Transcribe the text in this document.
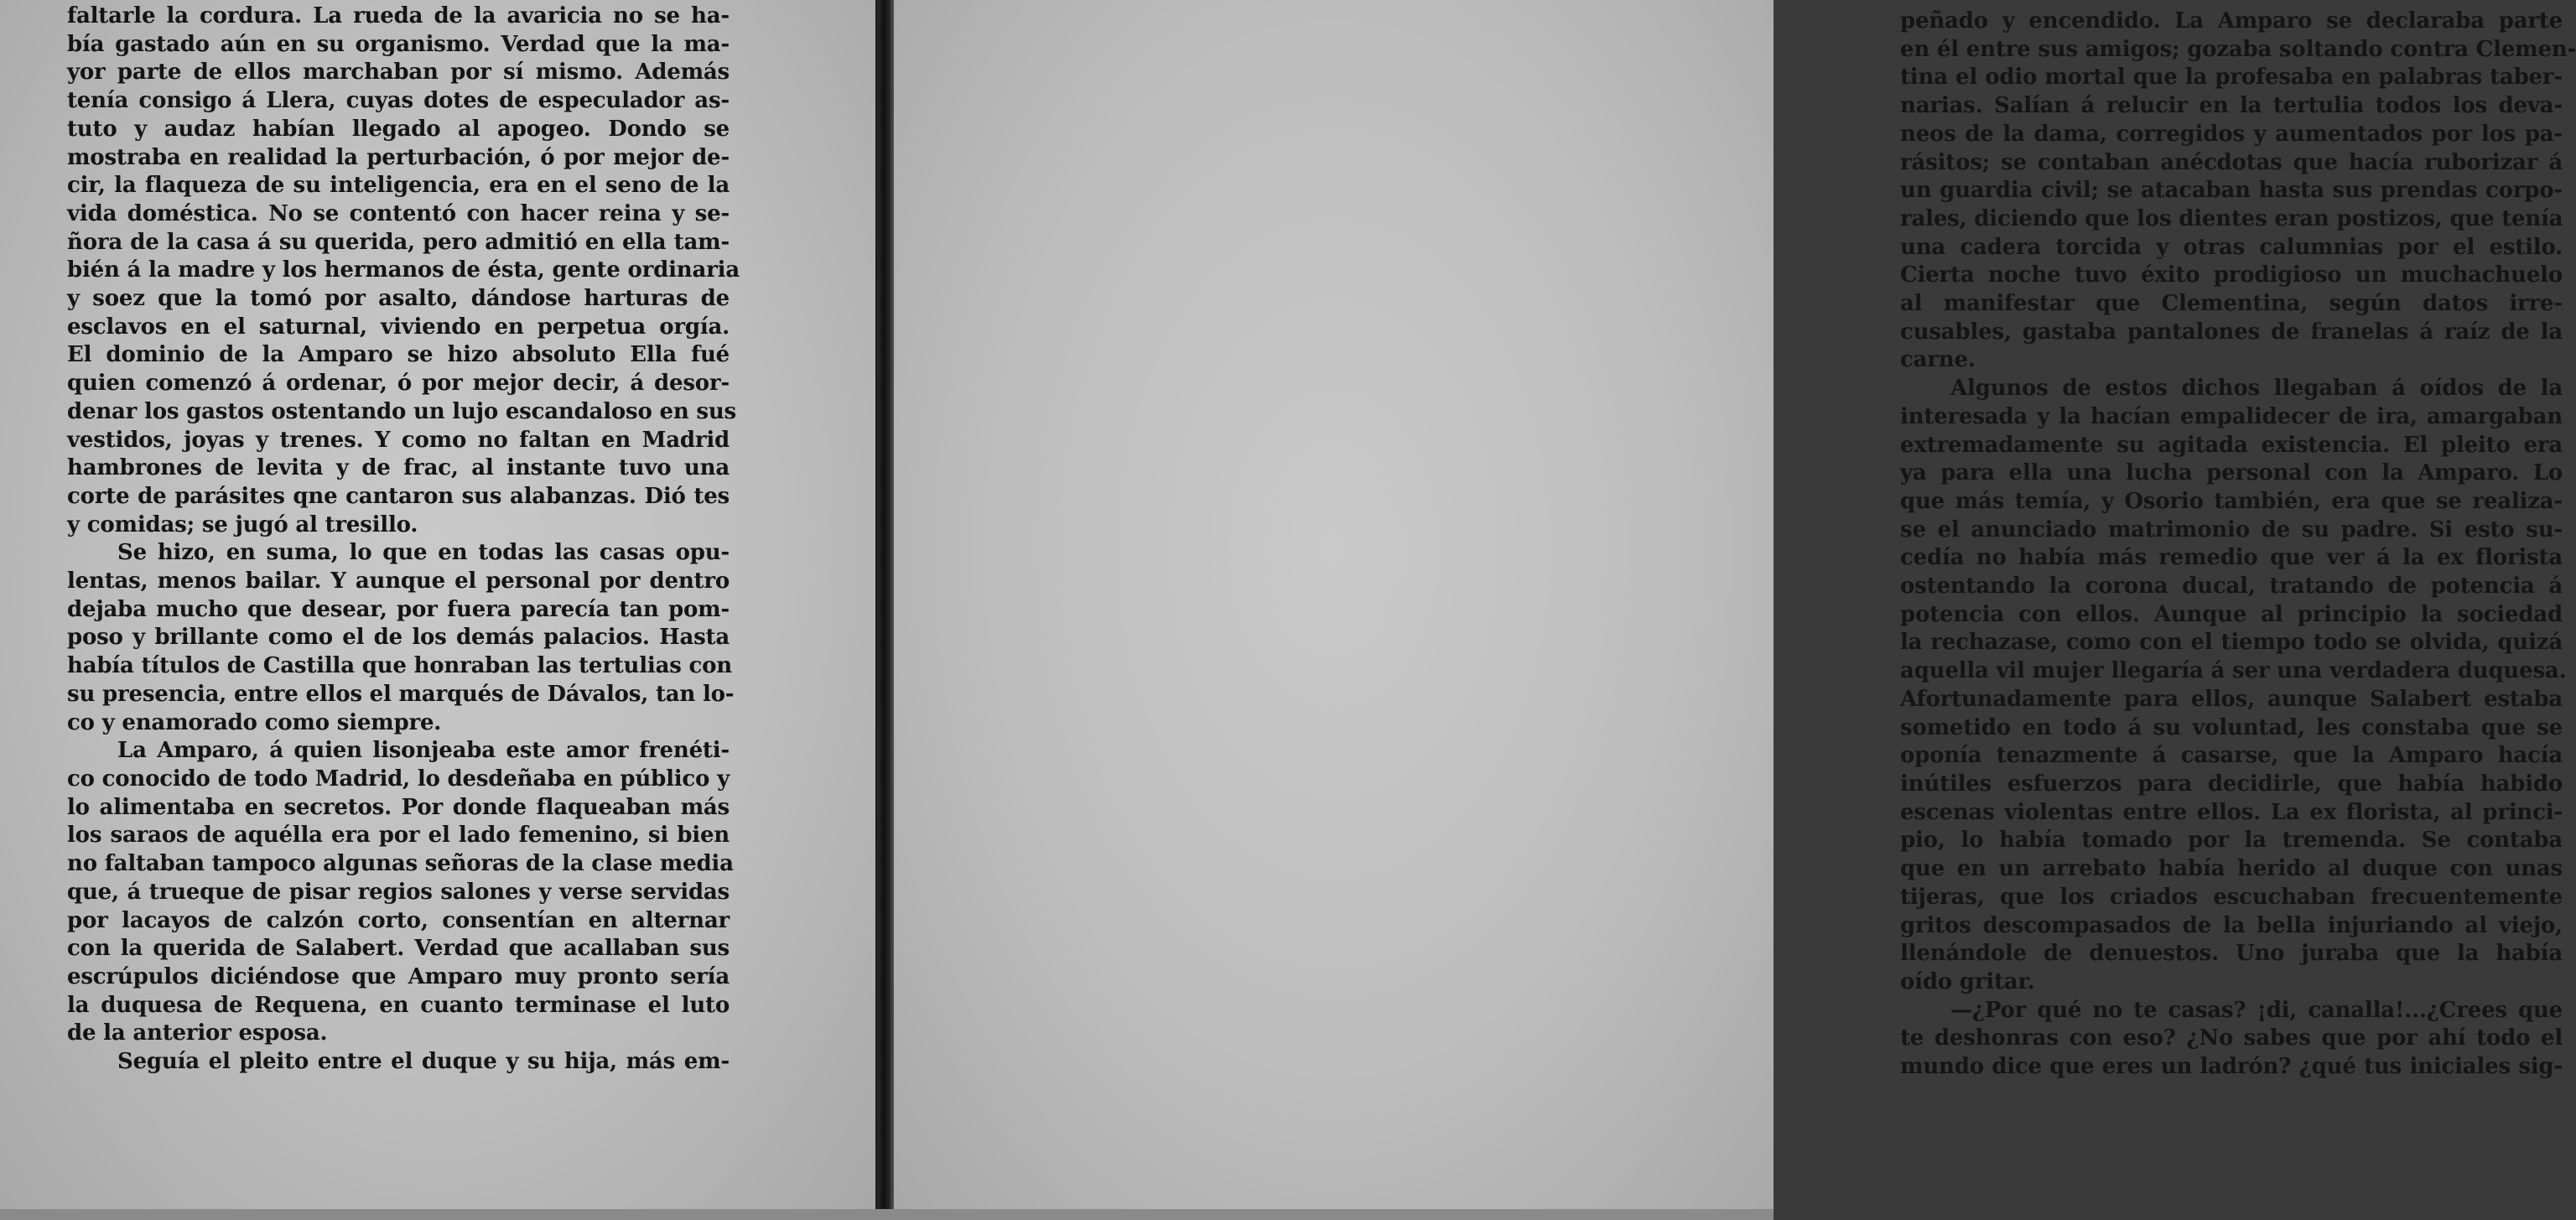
faltarle la cordura. La rueda de la avaricia no se ha-
bía gastado aún en su organismo. Verdad que la ma-
yor parte de ellos marchaban por sí mismo. Además
tenía consigo á Llera, cuyas dotes de especulador as-
tuto y audaz habían llegado al apogeo. Dondo se
mostraba en realidad la perturbación, ó por mejor de-
cir, la flaqueza de su inteligencia, era en el seno de la
vida doméstica. No se contentó con hacer reina y se-
ñora de la casa á su querida, pero admitió en ella tam-
bién á la madre y los hermanos de ésta, gente ordinaria
y soez que la tomó por asalto, dándose harturas de
esclavos en el saturnal, viviendo en perpetua orgía.
El dominio de la Amparo se hizo absoluto Ella fué
quien comenzó á ordenar, ó por mejor decir, á desor-
denar los gastos ostentando un lujo escandaloso en sus
vestidos, joyas y trenes. Y como no faltan en Madrid
hambrones de levita y de frac, al instante tuvo una
corte de parásites qne cantaron sus alabanzas. Dió tes
y comidas; se jugó al tresillo.
Se hizo, en suma, lo que en todas las casas opu-
lentas, menos bailar. Y aunque el personal por dentro
dejaba mucho que desear, por fuera parecía tan pom-
poso y brillante como el de los demás palacios. Hasta
había títulos de Castilla que honraban las tertulias con
su presencia, entre ellos el marqués de Dávalos, tan lo-
co y enamorado como siempre.
La Amparo, á quien lisonjeaba este amor frenéti-
co conocido de todo Madrid, lo desdeñaba en público y
lo alimentaba en secretos. Por donde flaqueaban más
los saraos de aquélla era por el lado femenino, si bien
no faltaban tampoco algunas señoras de la clase media
que, á trueque de pisar regios salones y verse servidas
por lacayos de calzón corto, consentían en alternar
con la querida de Salabert. Verdad que acallaban sus
escrúpulos diciéndose que Amparo muy pronto sería
la duquesa de Requena, en cuanto terminase el luto
de la anterior esposa.
Seguía el pleito entre el duque y su hija, más em-
peñado y encendido. La Amparo se declaraba parte
en él entre sus amigos; gozaba soltando contra Clemen-
tina el odio mortal que la profesaba en palabras taber-
narias. Salían á relucir en la tertulia todos los deva-
neos de la dama, corregidos y aumentados por los pa-
rásitos; se contaban anécdotas que hacía ruborizar á
un guardia civil; se atacaban hasta sus prendas corpo-
rales, diciendo que los dientes eran postizos, que tenía
una cadera torcida y otras calumnias por el estilo.
Cierta noche tuvo éxito prodigioso un muchachuelo
al manifestar que Clementina, según datos irre-
cusables, gastaba pantalones de franelas á raíz de la
carne.
Algunos de estos dichos llegaban á oídos de la
interesada y la hacían empalidecer de ira, amargaban
extremadamente su agitada existencia. El pleito era
ya para ella una lucha personal con la Amparo. Lo
que más temía, y Osorio también, era que se realiza-
se el anunciado matrimonio de su padre. Si esto su-
cedía no había más remedio que ver á la ex florista
ostentando la corona ducal, tratando de potencia á
potencia con ellos. Aunque al principio la sociedad
la rechazase, como con el tiempo todo se olvida, quizá
aquella vil mujer llegaría á ser una verdadera duquesa.
Afortunadamente para ellos, aunque Salabert estaba
sometido en todo á su voluntad, les constaba que se
oponía tenazmente á casarse, que la Amparo hacía
inútiles esfuerzos para decidirle, que había habido
escenas violentas entre ellos. La ex florista, al princi-
pio, lo había tomado por la tremenda. Se contaba
que en un arrebato había herido al duque con unas
tijeras, que los criados escuchaban frecuentemente
gritos descompasados de la bella injuriando al viejo,
llenándole de denuestos. Uno juraba que la había
oído gritar.
—¿Por qué no te casas? ¡di, canalla!...¿Crees que
te deshonras con eso? ¿No sabes que por ahí todo el
mundo dice que eres un ladrón? ¿qué tus iniciales sig-
